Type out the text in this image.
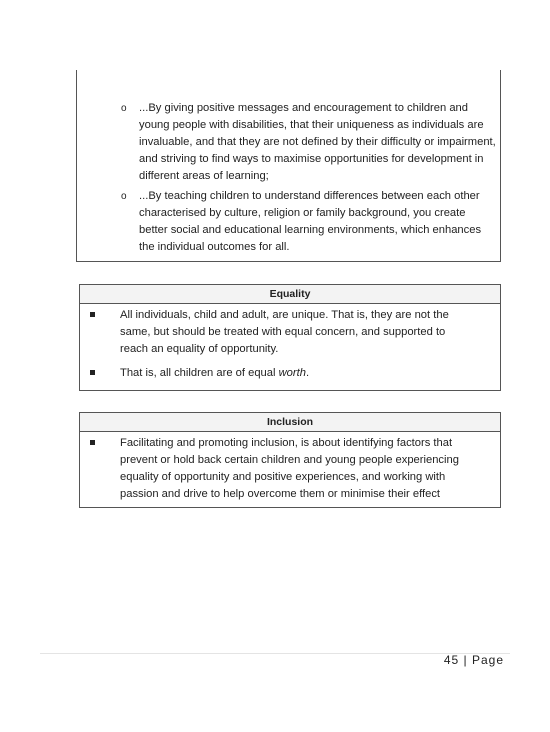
o ...By giving positive messages and encouragement to children and young people with disabilities, that their uniqueness as individuals are invaluable, and that they are not defined by their difficulty or impairment, and striving to find ways to maximise opportunities for development in different areas of learning;
o ...By teaching children to understand differences between each other characterised by culture, religion or family background, you create better social and educational learning environments, which enhances the individual outcomes for all.
Equality
All individuals, child and adult, are unique. That is, they are not the same, but should be treated with equal concern, and supported to reach an equality of opportunity.
That is, all children are of equal worth.
Inclusion
Facilitating and promoting inclusion, is about identifying factors that prevent or hold back certain children and young people experiencing equality of opportunity and positive experiences, and working with passion and drive to help overcome them or minimise their effect
45 | Page
